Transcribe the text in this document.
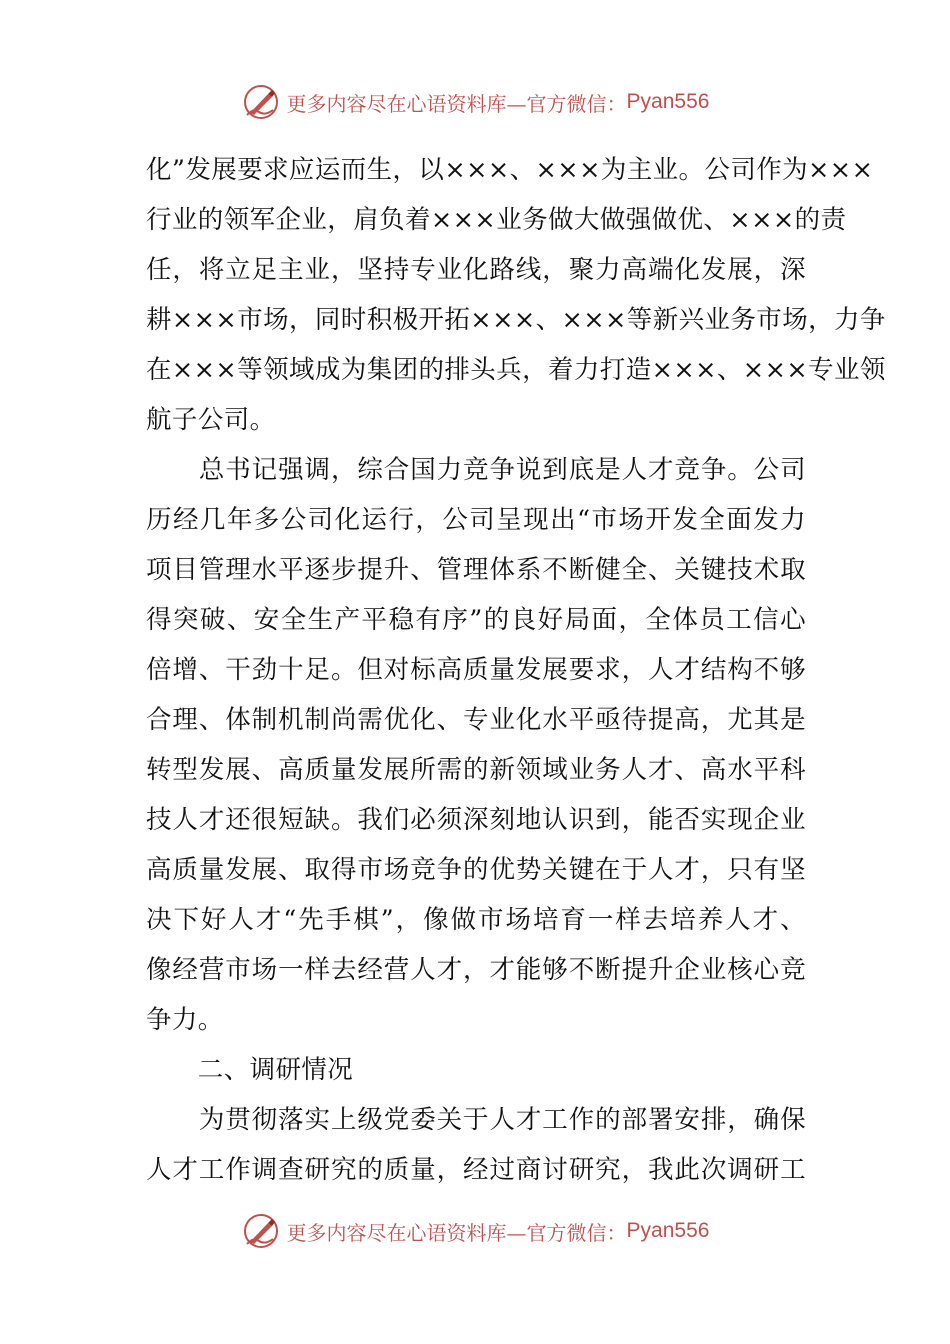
更多内容尽在心语资料库—官方微信： Pyan556
化”发展要求应运而生，以×××、×××为主业。公司作为×××
行业的领军企业，肩负着×××业务做大做强做优、×××的责
任，将立足主业，坚持专业化路线，聚力高端化发展，深
耕×××市场，同时积极开拓×××、×××等新兴业务市场，力争
在×××等领域成为集团的排头兵，着力打造×××、×××专业领
航子公司。
　　总书记强调，综合国力竞争说到底是人才竞争。公司
历经几年多公司化运行，公司呈现出“市场开发全面发力
项目管理水平逐步提升、管理体系不断健全、关键技术取
得突破、安全生产平稳有序”的良好局面，全体员工信心
倍增、干劲十足。但对标高质量发展要求，人才结构不够
合理、体制机制尚需优化、专业化水平亟待提高，尤其是
转型发展、高质量发展所需的新领域业务人才、高水平科
技人才还很短缺。我们必须深刻地认识到，能否实现企业
高质量发展、取得市场竞争的优势关键在于人才，只有坚
决下好人才“先手棋”，像做市场培育一样去培养人才、
像经营市场一样去经营人才，才能够不断提升企业核心竞
争力。
　　二、调研情况
　　为贯彻落实上级党委关于人才工作的部署安排，确保
人才工作调查研究的质量，经过商讨研究，我此次调研工
更多内容尽在心语资料库—官方微信： Pyan556
